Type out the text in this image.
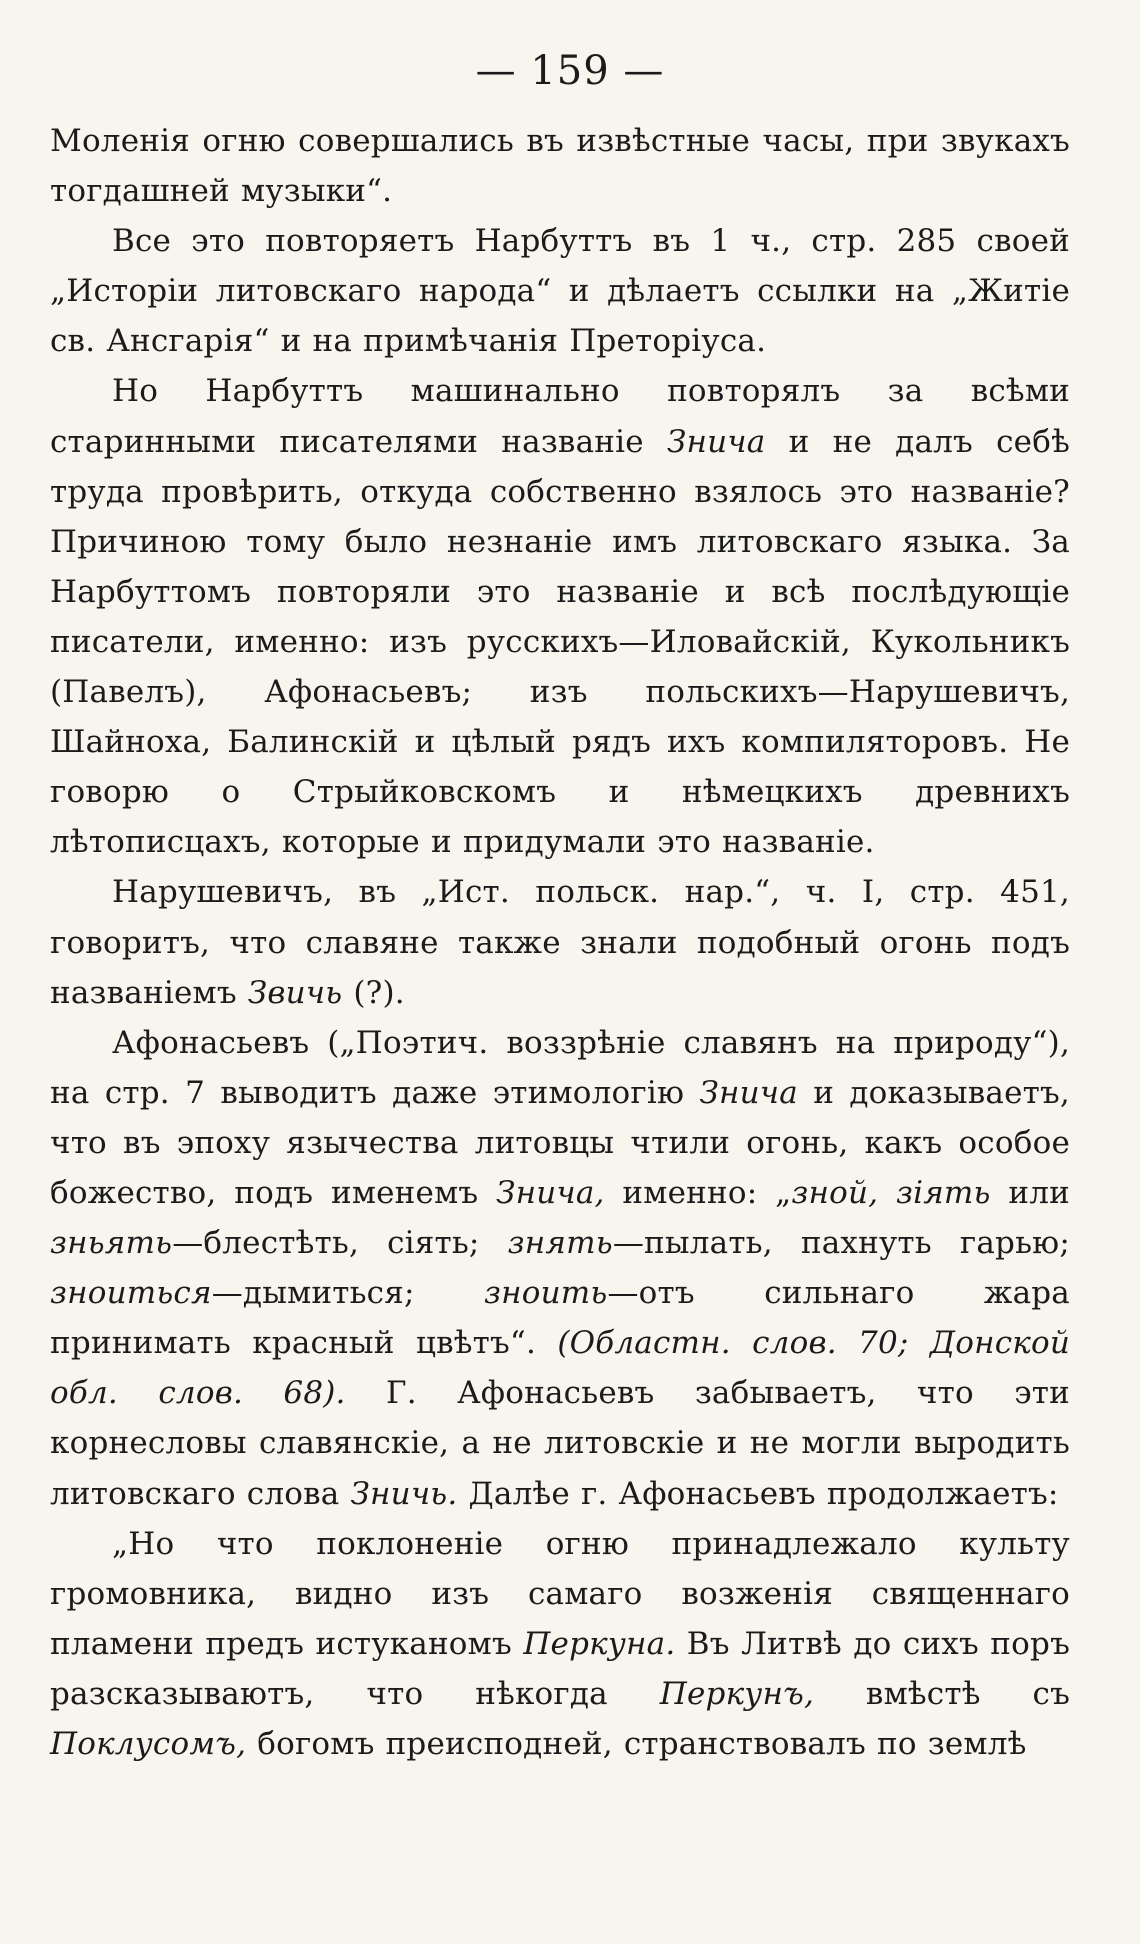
— 159 —

Моленія огню совершались въ извѣстные часы, при звукахъ тогдашней музыки“.

Все это повторяетъ Нарбуттъ въ 1 ч., стр. 285 своей „Исторіи литовскаго народа“ и дѣлаетъ ссылки на „Житіе св. Ансгарія“ и на примѣчанія Преторіуса.

Но Нарбуттъ машинально повторялъ за всѣми старинными писателями названіе Знича и не далъ себѣ труда провѣрить, откуда собственно взялось это названіе? Причиною тому было незнаніе имъ литовскаго языка. За Нарбуттомъ повторяли это названіе и всѣ послѣдующіе писатели, именно: изъ русскихъ—Иловайскій, Кукольникъ (Павелъ), Афонасьевъ; изъ польскихъ—Нарушевичъ, Шайноха, Балинскій и цѣлый рядъ ихъ компиляторовъ. Не говорю о Стрыйковскомъ и нѣмецкихъ древнихъ лѣтописцахъ, которые и придумали это названіе.

Нарушевичъ, въ „Ист. польск. нар.“, ч. I, стр. 451, говоритъ, что славяне также знали подобный огонь подъ названіемъ Звичь (?).

Афонасьевъ („Поэтич. воззрѣніе славянъ на природу“), на стр. 7 выводитъ даже этимологію Знича и доказываетъ, что въ эпоху язычества литовцы чтили огонь, какъ особое божество, подъ именемъ Знича, именно: „зной, зіять или зньять—блестѣть, сіять; знять—пылать, пахнуть гарью; зноиться—дымиться; зноить—отъ сильнаго жара принимать красный цвѣтъ“. (Областн. слов. 70; Донской обл. слов. 68). Г. Афонасьевъ забываетъ, что эти корнесловы славянскіе, а не литовскіе и не могли выродить литовскаго слова Зничь. Далѣе г. Афонасьевъ продолжаетъ:

„Но что поклоненіе огню принадлежало культу громовника, видно изъ самаго возженія священнаго пламени предъ истуканомъ Перкуна. Въ Литвѣ до сихъ поръ разсказываютъ, что нѣкогда Перкунъ, вмѣстѣ съ Поклусомъ, богомъ преисподней, странствовалъ по землѣ
